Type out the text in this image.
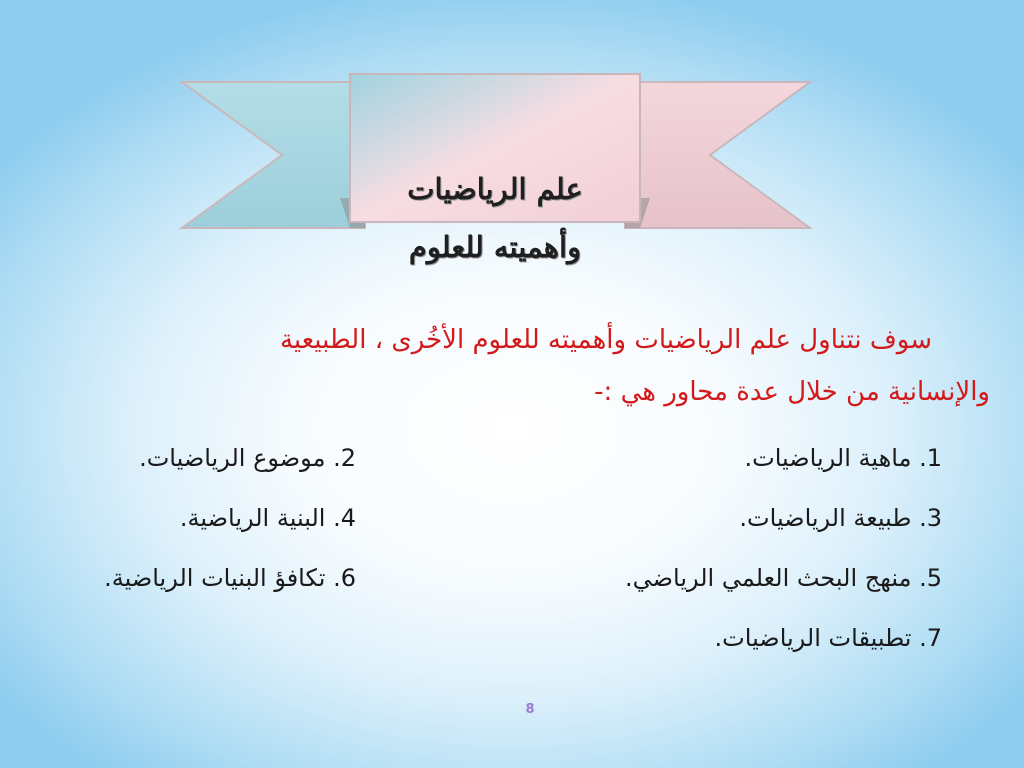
علم الرياضيات
وأهميته للعلوم
سوف نتناول علم الرياضيات وأهميته للعلوم الأخُرى ، الطبيعية
والإنسانية من خلال عدة محاور هي :-
1. ماهية الرياضيات.
2. موضوع الرياضيات.
3. طبيعة الرياضيات.
4. البنية الرياضية.
5. منهج البحث العلمي الرياضي.
6. تكافؤ البنيات الرياضية.
7. تطبيقات الرياضيات.
8
